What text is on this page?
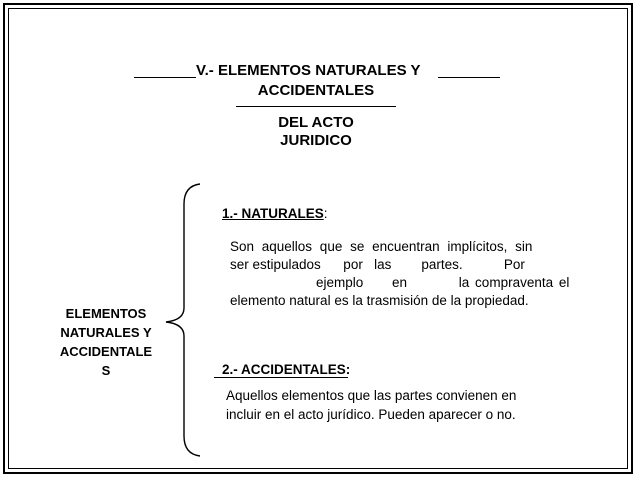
V.- ELEMENTOS NATURALES Y
ACCIDENTALES
DEL ACTO
JURIDICO
ELEMENTOS
NATURALES Y
ACCIDENTALE
S
1.- NATURALES:
Son aquellos que se encuentran implícitos, sin
ser estipulados      por   las        partes.           Por
ejemplo     en         la compraventa el
elemento natural es la trasmisión de la propiedad.
2.- ACCIDENTALES:
Aquellos elementos que las partes convienen en
incluir en el acto jurídico. Pueden aparecer o no.
